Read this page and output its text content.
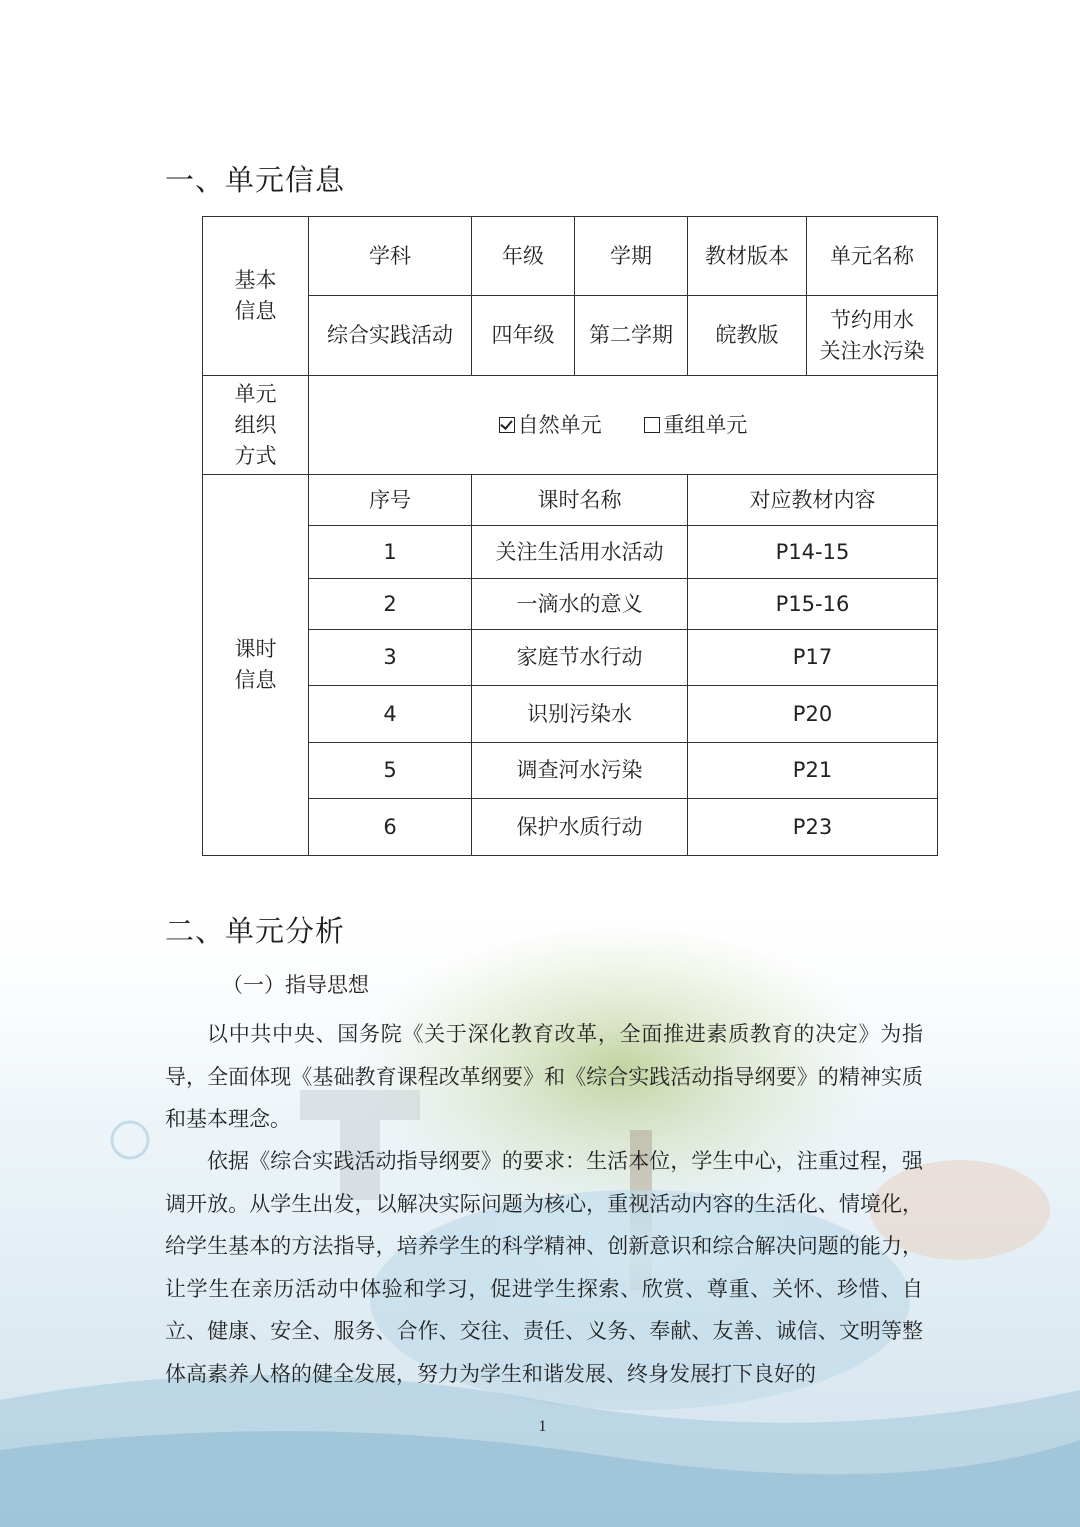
一、单元信息
基本
信息	学科	年级	学期	教材版本	单元名称
	综合实践活动	四年级	第二学期	皖教版	节约用水
关注水污染
单元
组织
方式	自然单元 重组单元				
课时
信息	序号	课时名称		对应教材内容	
	1	关注生活用水活动		P14-15	
	2	一滴水的意义		P15-16	
	3	家庭节水行动		P17	
	4	识别污染水		P20	
	5	调查河水污染		P21	
	6	保护水质行动		P23	
二、单元分析
（一）指导思想

以中共中央、国务院《关于深化教育改革，全面推进素质教育的决定》为指导，全面体现《基础教育课程改革纲要》和《综合实践活动指导纲要》的精神实质和基本理念。

依据《综合实践活动指导纲要》的要求：生活本位，学生中心，注重过程，强调开放。从学生出发，以解决实际问题为核心，重视活动内容的生活化、情境化，给学生基本的方法指导，培养学生的科学精神、创新意识和综合解决问题的能力，让学生在亲历活动中体验和学习，促进学生探索、欣赏、尊重、关怀、珍惜、自立、健康、安全、服务、合作、交往、责任、义务、奉献、友善、诚信、文明等整体高素养人格的健全发展，努力为学生和谐发展、终身发展打下良好的

1
